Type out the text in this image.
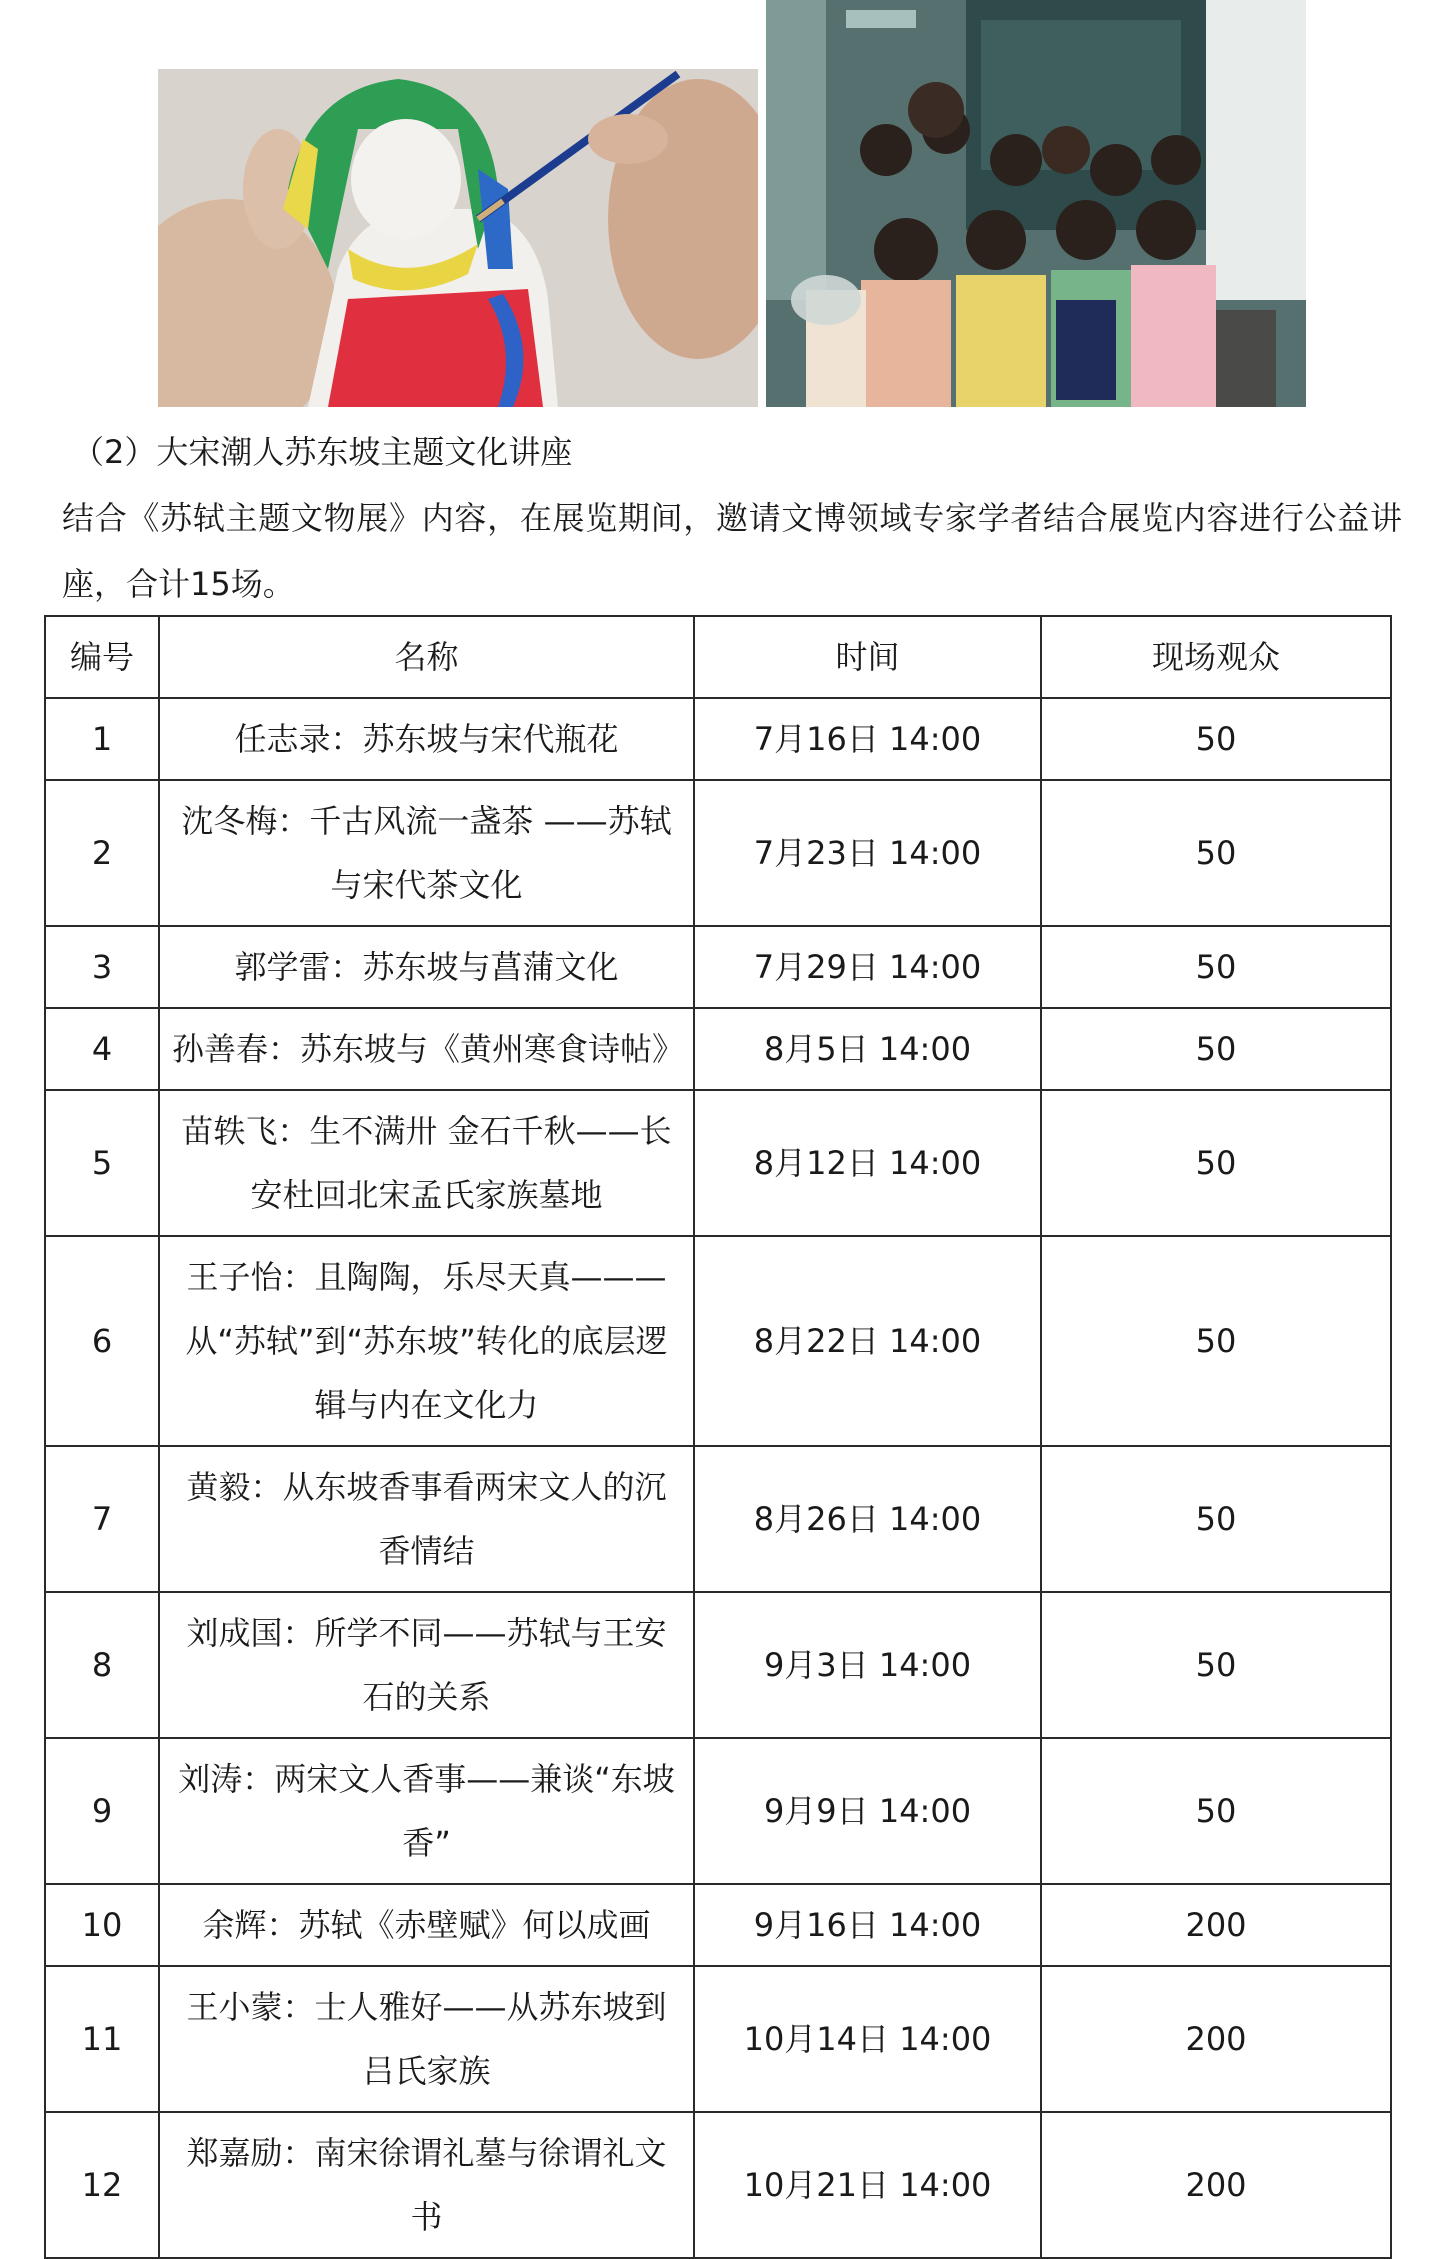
（2）大宋潮人苏东坡主题文化讲座
结合《苏轼主题文物展》内容，在展览期间，邀请文博领域专家学者结合展览内容进行公益讲座，合计15场。
编号	名称	时间	现场观众
1	任志录：苏东坡与宋代瓶花	7月16日 14:00	50
2	沈冬梅：千古风流一盏茶 ——苏轼与宋代茶文化	7月23日 14:00	50
3	郭学雷：苏东坡与菖蒲文化	7月29日 14:00	50
4	孙善春：苏东坡与《黄州寒食诗帖》	8月5日 14:00	50
5	苗轶飞：生不满卅 金石千秋——长安杜回北宋孟氏家族墓地	8月12日 14:00	50
6	王子怡：且陶陶，乐尽天真———从“苏轼”到“苏东坡”转化的底层逻辑与内在文化力	8月22日 14:00	50
7	黄毅：从东坡香事看两宋文人的沉香情结	8月26日 14:00	50
8	刘成国：所学不同——苏轼与王安石的关系	9月3日 14:00	50
9	刘涛：两宋文人香事——兼谈“东坡香”	9月9日 14:00	50
10	余辉：苏轼《赤壁赋》何以成画	9月16日 14:00	200
11	王小蒙：士人雅好——从苏东坡到吕氏家族	10月14日 14:00	200
12	郑嘉励：南宋徐谓礼墓与徐谓礼文书	10月21日 14:00	200
